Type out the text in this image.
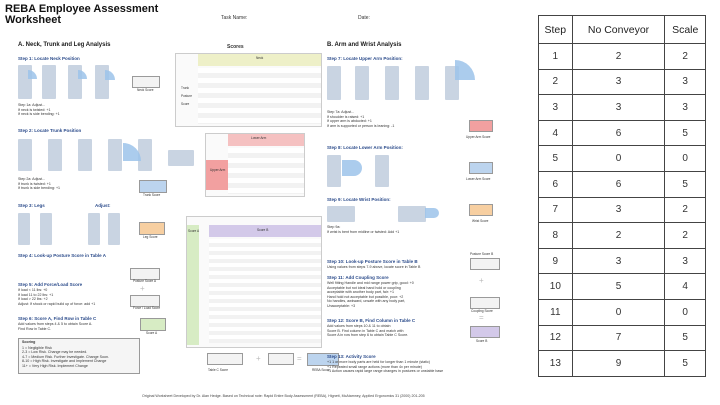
REBA Employee Assessment
Worksheet	Task Name:	Date:
A. Neck, Trunk and Leg Analysis
Step 1: Locate Neck Position
Neck Score
Step 1a: Adjust...
If neck is twisted: +1
If neck is side bending: +1
Step 2: Locate Trunk Position
Step 2a: Adjust...
If trunk is twisted: +1
If trunk is side bending: +1
Trunk Score
Step 3: Legs	Adjust:
Leg Score
Step 4: Look-up Posture Score in Table A
Step 5: Add Force/Load Score
If load < 11 lbs: +0
If load 11 to 22 lbs: +1
If load > 22 lbs: +2
Adjust: If shock or rapid build up of force: add +1
Posture Score A
+
Force / Load Score
Step 6: Score A, Find Row in Table C
Add values from steps 4 & 5 to obtain Score A.
Find Row in Table C.
Score A
Scoring
1 = Negligible Risk
2-3 = Low Risk. Change may be needed.
4-7 = Medium Risk. Further Investigate. Change Soon.
8-10 = High Risk. Investigate and Implement Change
11+ = Very High Risk. Implement Change
Scores
Neck
Trunk
Posture
Score
Lower Arm
Upper Arm
Score B
Score A
Table C Score
+	=
REBA Score
B. Arm and Wrist Analysis
Step 7: Locate Upper Arm Position:
Step 7a: Adjust...
If shoulder is raised: +1
If upper arm is abducted: +1
If arm is supported or person is leaning: -1
Upper Arm Score
Step 8: Locate Lower Arm Position:
Lower Arm Score
Step 9: Locate Wrist Position:
Wrist Score
Step 9a:
If wrist is bent from midline or twisted: Add +1
Step 10: Look-up Posture Score in Table B
Using values from steps 7-9 above, locate score in Table B
Step 11: Add Coupling Score
Well fitting Handle and mid range power grip, good: +0
Acceptable but not ideal hand hold or coupling
acceptable with another body part, fair: +1
Hand hold not acceptable but possible, poor: +2
No handles, awkward, unsafe with any body part,
Unacceptable: +3
Step 12: Score B, Find Column in Table C
Add values from steps 10 & 11 to obtain
Score B. Find column in Table C and match with
Score A in row from step 6 to obtain Table C Score.
Step 13: Activity Score
+1 1 or more body parts are held for longer than 1 minute (static)
+1 Repeated small range actions (more than 4x per minute)
+1 Action causes rapid large range changes in postures or unstable base
Posture Score B
+
Coupling Score
=
Score B
Original Worksheet Developed by Dr. Alan Hedge. Based on Technical note: Rapid Entire Body Assessment (REBA), Hignett, McAtamney, Applied Ergonomics 31 (2000) 201-205
Step	No Conveyor	Scale
1	2	2
2	3	3
3	3	3
4	6	5
5	0	0
6	6	5
7	3	2
8	2	2
9	3	3
10	5	4
11	0	0
12	7	5
13	9	5
